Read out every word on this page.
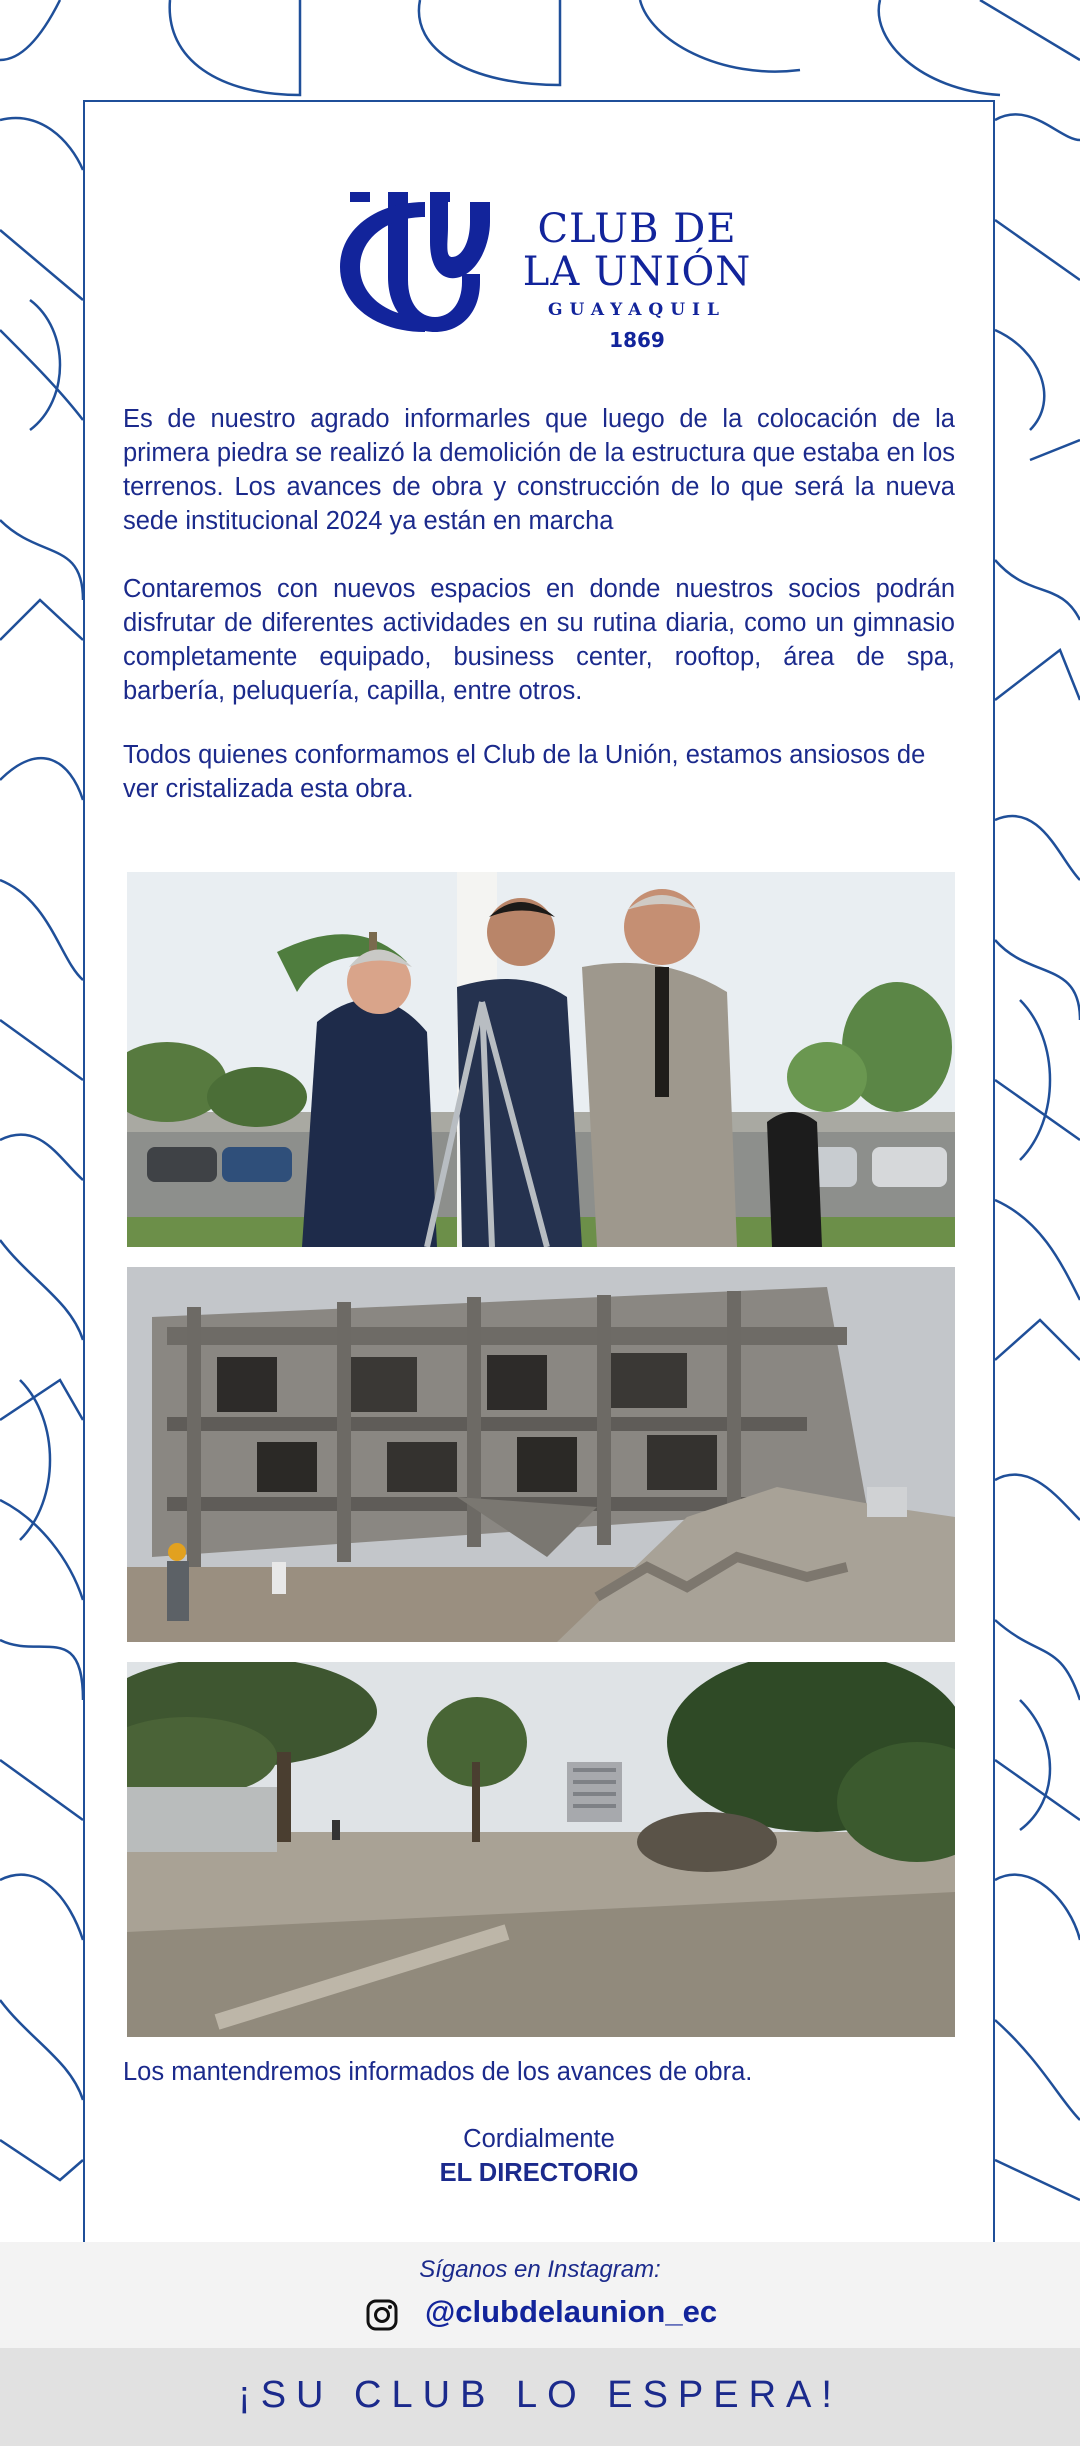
CLUB DE
LA UNIÓN
GUAYAQUIL
1869

Es de nuestro agrado informarles que luego de la colocación de la primera piedra se realizó la demolición de la estructura que estaba en los terrenos. Los avances de obra y construcción de lo que será la nueva sede institucional 2024 ya están en marcha

Contaremos con nuevos espacios en donde nuestros socios podrán disfrutar de diferentes actividades en su rutina diaria, como un gimnasio completamente equipado, business center, rooftop, área de spa, barbería, peluquería, capilla, entre otros.

Todos quienes conformamos el Club de la Unión, estamos ansiosos de ver cristalizada esta obra.

Los mantendremos informados de los avances de obra.

Cordialmente

EL DIRECTORIO

Síganos en Instagram:
@clubdelaunion_ec
¡SU CLUB LO ESPERA!
